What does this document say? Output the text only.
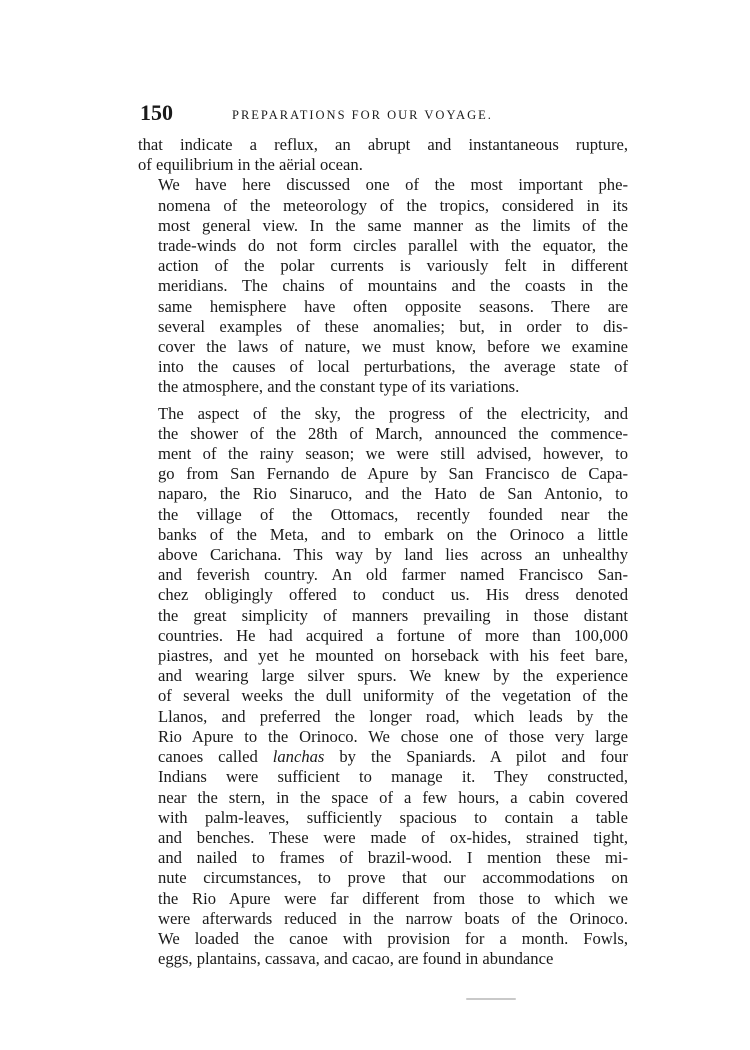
150	PREPARATIONS FOR OUR VOYAGE.
that indicate a reflux, an abrupt and instantaneous rupture,
of equilibrium in the aërial ocean.
We have here discussed one of the most important phe-
nomena of the meteorology of the tropics, considered in its
most general view. In the same manner as the limits of the
trade-winds do not form circles parallel with the equator, the
action of the polar currents is variously felt in different
meridians. The chains of mountains and the coasts in the
same hemisphere have often opposite seasons. There are
several examples of these anomalies; but, in order to dis-
cover the laws of nature, we must know, before we examine
into the causes of local perturbations, the average state of
the atmosphere, and the constant type of its variations.
The aspect of the sky, the progress of the electricity, and
the shower of the 28th of March, announced the commence-
ment of the rainy season; we were still advised, however, to
go from San Fernando de Apure by San Francisco de Capa-
naparo, the Rio Sinaruco, and the Hato de San Antonio, to
the village of the Ottomacs, recently founded near the
banks of the Meta, and to embark on the Orinoco a little
above Carichana. This way by land lies across an unhealthy
and feverish country. An old farmer named Francisco San-
chez obligingly offered to conduct us. His dress denoted
the great simplicity of manners prevailing in those distant
countries. He had acquired a fortune of more than 100,000
piastres, and yet he mounted on horseback with his feet bare,
and wearing large silver spurs. We knew by the experience
of several weeks the dull uniformity of the vegetation of the
Llanos, and preferred the longer road, which leads by the
Rio Apure to the Orinoco. We chose one of those very large
canoes called lanchas by the Spaniards. A pilot and four
Indians were sufficient to manage it. They constructed,
near the stern, in the space of a few hours, a cabin covered
with palm-leaves, sufficiently spacious to contain a table
and benches. These were made of ox-hides, strained tight,
and nailed to frames of brazil-wood. I mention these mi-
nute circumstances, to prove that our accommodations on
the Rio Apure were far different from those to which we
were afterwards reduced in the narrow boats of the Orinoco.
We loaded the canoe with provision for a month. Fowls,
eggs, plantains, cassava, and cacao, are found in abundance
